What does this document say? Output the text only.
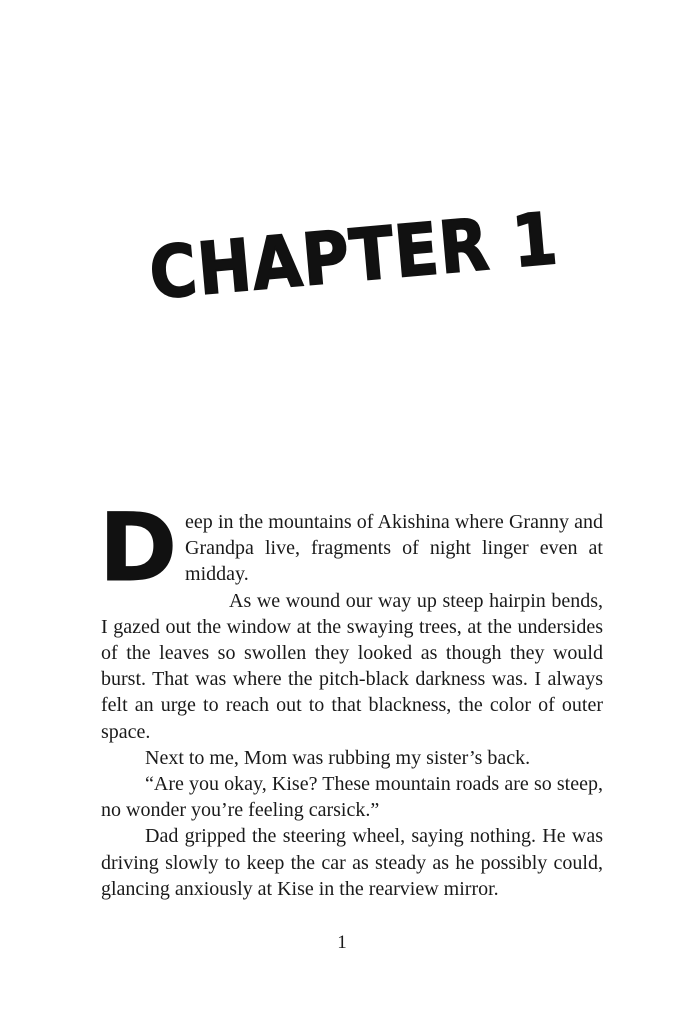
CHAPTER 1

Deep in the mountains of Akishina where Granny and Grandpa live, fragments of night linger even at midday.

As we wound our way up steep hairpin bends, I gazed out the window at the swaying trees, at the undersides of the leaves so swollen they looked as though they would burst. That was where the pitch-black darkness was. I always felt an urge to reach out to that blackness, the color of outer space.

Next to me, Mom was rubbing my sister’s back.

“Are you okay, Kise? These mountain roads are so steep, no wonder you’re feeling carsick.”

Dad gripped the steering wheel, saying nothing. He was driving slowly to keep the car as steady as he possibly could, glancing anxiously at Kise in the rearview mirror.

1
